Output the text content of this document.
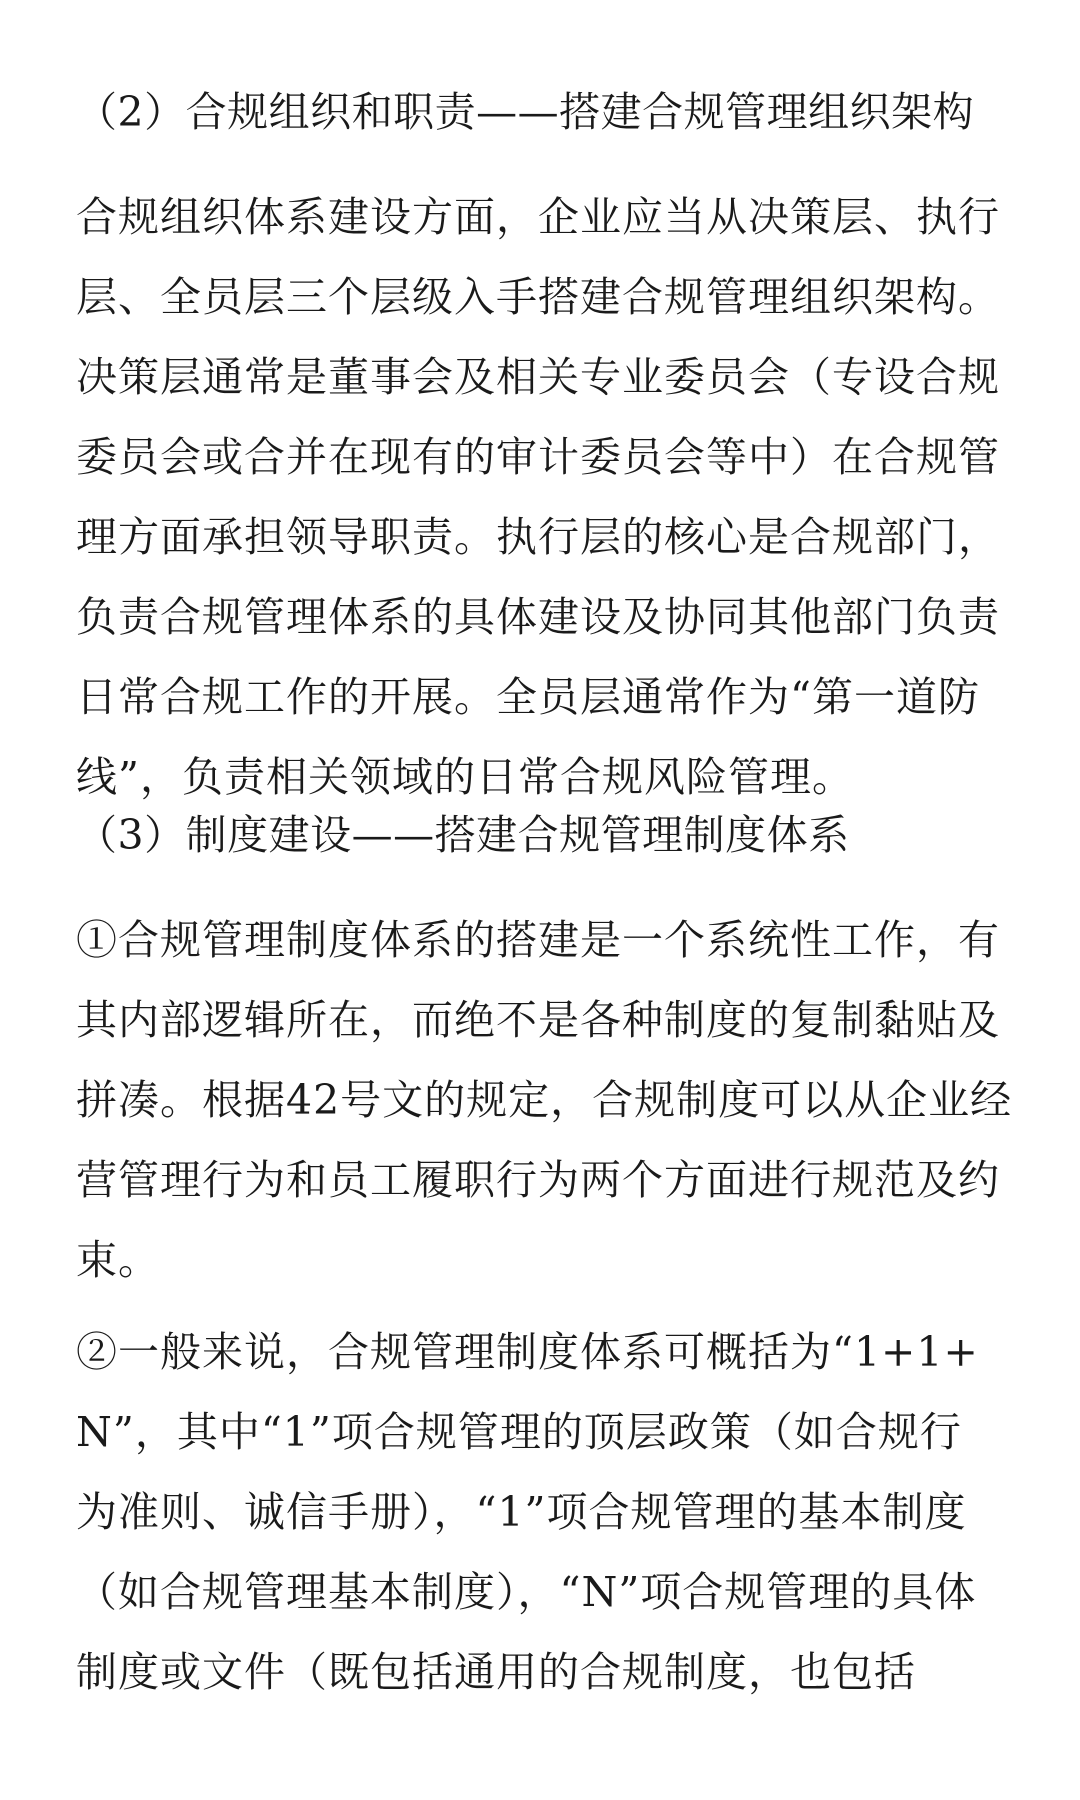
（2）合规组织和职责——搭建合规管理组织架构
合规组织体系建设方面，企业应当从决策层、执行
层、全员层三个层级入手搭建合规管理组织架构。
决策层通常是董事会及相关专业委员会（专设合规
委员会或合并在现有的审计委员会等中）在合规管
理方面承担领导职责。执行层的核心是合规部门，
负责合规管理体系的具体建设及协同其他部门负责
日常合规工作的开展。全员层通常作为“第一道防
线”，负责相关领域的日常合规风险管理。
（3）制度建设——搭建合规管理制度体系
①合规管理制度体系的搭建是一个系统性工作，有
其内部逻辑所在，而绝不是各种制度的复制黏贴及
拼凑。根据42号文的规定，合规制度可以从企业经
营管理行为和员工履职行为两个方面进行规范及约
束。
②一般来说，合规管理制度体系可概括为“1+1+
N”，其中“1”项合规管理的顶层政策（如合规行
为准则、诚信手册），“1”项合规管理的基本制度
（如合规管理基本制度），“N”项合规管理的具体
制度或文件（既包括通用的合规制度，也包括
